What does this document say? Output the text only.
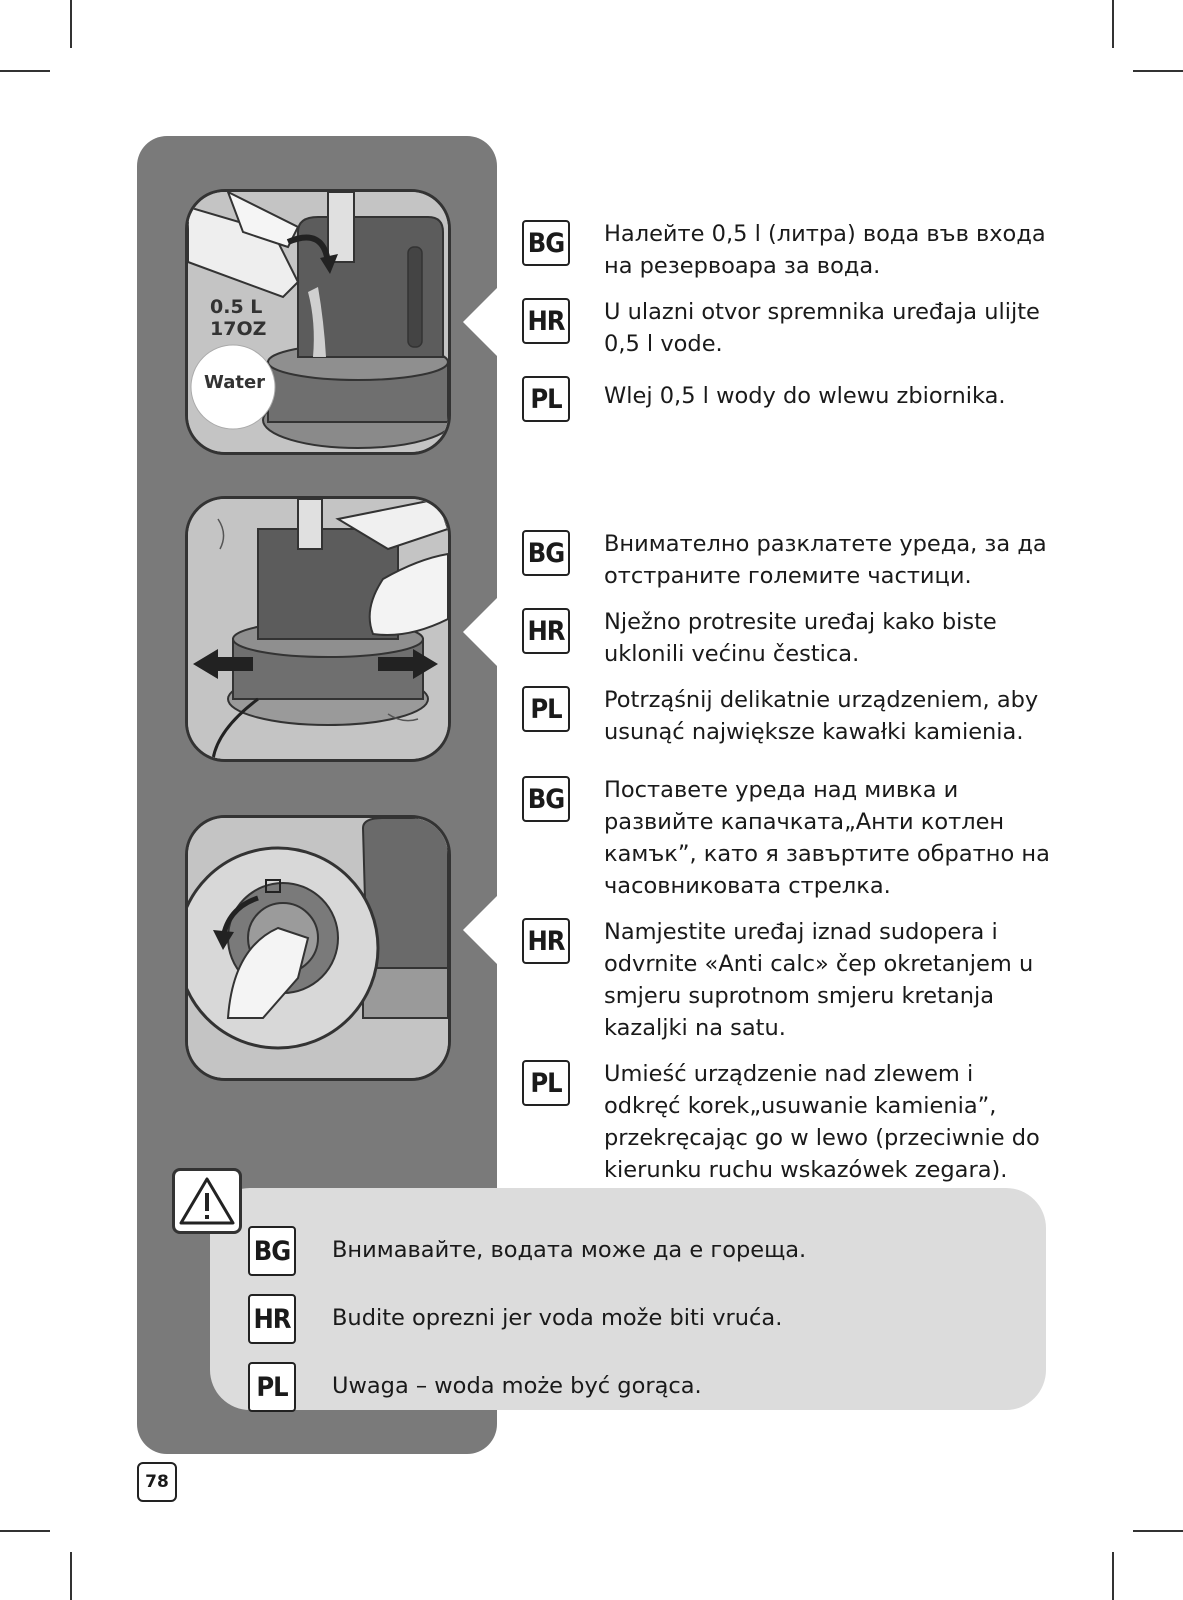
0.5 L
17OZ
Water
BG Налейте 0,5 l (литра) вода във входа на резервоара за вода.
HR U ulazni otvor spremnika uređaja ulijte 0,5 l vode.
PL	Wlej 0,5 l wody do wlewu zbiornika.
BG Внимателно разклатете уреда, за да отстраните големите частици.
HR Nježno protresite uređaj kako biste uklonili većinu čestica.
PL	Potrząśnij delikatnie urządzeniem, aby usunąć największe kawałki kamienia.
BG Поставете уреда над мивка и развийте капачката„Анти котлен камък”, като я завъртите обратно на часовниковата стрелка.
HR Namjestite uređaj iznad sudopera i odvrnite «Anti calc» čep okretanjem u smjeru suprotnom smjeru kretanja kazaljki na satu.
PL	Umieść urządzenie nad zlewem i odkręć korek„usuwanie kamienia”, przekręcając go w lewo (przeciwnie do kierunku ruchu wskazówek zegara).
BG Внимавайте, водата може да е гореща.
HR Budite oprezni jer voda može biti vruća.
PL	Uwaga – woda może być gorąca.
78
